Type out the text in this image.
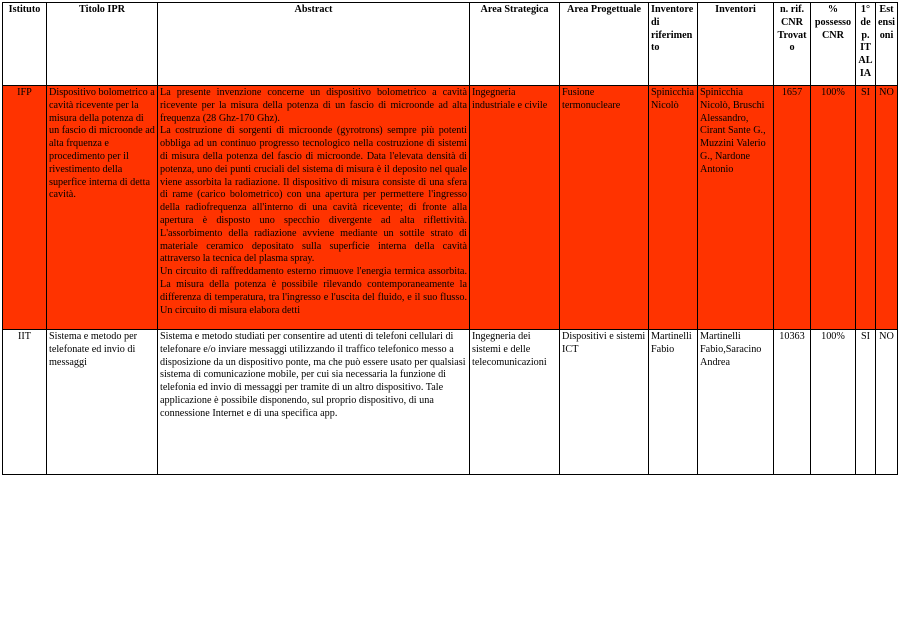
Istituto	Titolo IPR	Abstract	Area Strategica	Area Progettuale	Inventore di riferimento	Inventori	n. rif. CNR Trovato	% possesso CNR	1° dep. IT ALIA	Estensioni
IFP	Dispositivo bolometrico a cavità ricevente per la misura della potenza di un fascio di microonde ad alta frquenza e procedimento per il rivestimento della superfice interna di detta cavità.	La presente invenzione concerne un dispositivo bolometrico a cavità ricevente per la misura della potenza di un fascio di microonde ad alta frequenza (28 Ghz-170 Ghz).

La costruzione di sorgenti di microonde (gyrotrons) sempre più potenti obbliga ad un continuo progresso tecnologico nella costruzione di sistemi di misura della potenza del fascio di microonde. Data l'elevata densità di potenza, uno dei punti cruciali del sistema di misura è il deposito nel quale viene assorbita la radiazione. Il dispositivo di misura consiste di una sfera di rame (carico bolometrico) con una apertura per permettere l'ingresso della radiofrequenza all'interno di una cavità ricevente; di fronte alla apertura è disposto uno specchio divergente ad alta riflettività. L'assorbimento della radiazione avviene mediante un sottile strato di materiale ceramico depositato sulla superficie interna della cavità attraverso la tecnica del plasma spray.

Un circuito di raffreddamento esterno rimuove l'energia termica assorbita. La misura della potenza è possibile rilevando contemporaneamente la differenza di temperatura, tra l'ingresso e l'uscita del fluido, e il suo flusso. Un circuito di misura elabora detti	Ingegneria industriale e civile	Fusione termonucleare	Spinicchia Nicolò	Spinicchia Nicolò, Bruschi Alessandro, Cirant Sante G., Muzzini Valerio G., Nardone Antonio	1657	100%	SI	NO
IIT	Sistema e metodo per telefonate ed invio di messaggi	Sistema e metodo studiati per consentire ad utenti di telefoni cellulari di telefonare e/o inviare messaggi utilizzando il traffico telefonico messo a disposizione da un dispositivo ponte, ma che può essere usato per qualsiasi sistema di comunicazione mobile, per cui sia necessaria la funzione di telefonia ed invio di messaggi per tramite di un altro dispositivo. Tale applicazione è possibile disponendo, sul proprio dispositivo, di una connessione Internet e di una specifica app.	Ingegneria dei sistemi e delle telecomunicazioni	Dispositivi e sistemi ICT	Martinelli Fabio	Martinelli Fabio,Saracino Andrea	10363	100%	SI	NO
